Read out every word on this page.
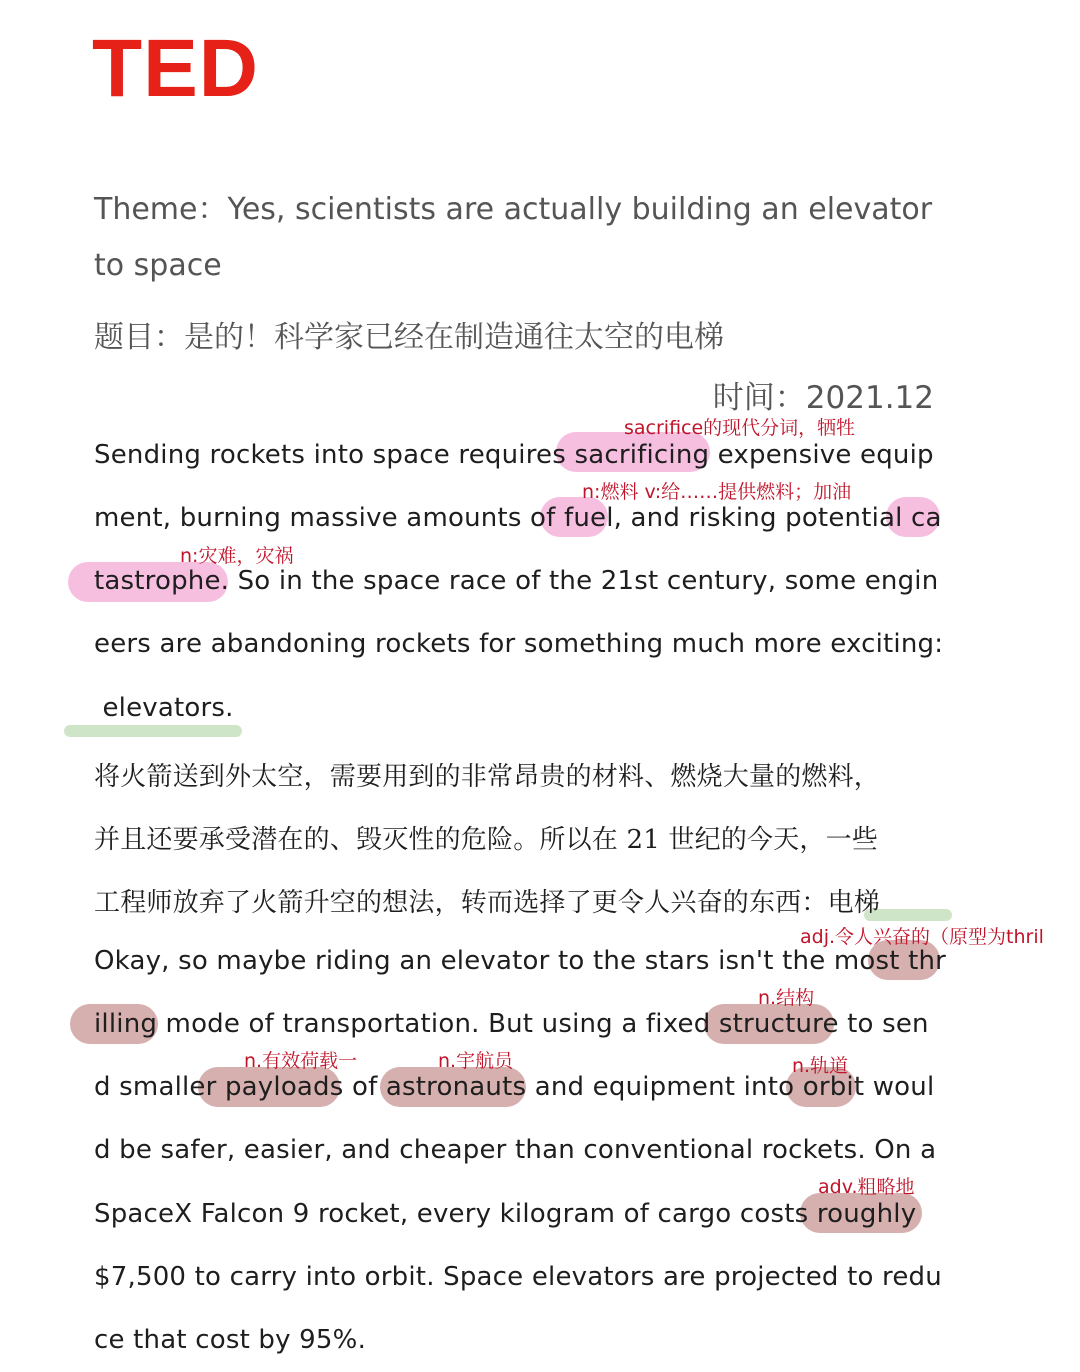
TED
Theme：Yes, scientists are actually building an elevator
to space
题目：是的！科学家已经在制造通往太空的电梯
时间：2021.12
sacrifice的现代分词，牺牲
n:燃料 v:给……提供燃料；加油
n:灾难，灾祸
adj.令人兴奋的（原型为thril
n.结构
n.有效荷载一	n.宇航员	n.轨道
adv.粗略地
Sending rockets into space requires sacrificing expensive equip
ment, burning massive amounts of fuel, and risking potential ca
tastrophe. So in the space race of the 21st century, some engin
eers are abandoning rockets for something much more exciting:
elevators.
将火箭送到外太空，需要用到的非常昂贵的材料、燃烧大量的燃料，
并且还要承受潜在的、毁灭性的危险。所以在 21 世纪的今天，一些
工程师放弃了火箭升空的想法，转而选择了更令人兴奋的东西：电梯
Okay, so maybe riding an elevator to the stars isn't the most thr
illing mode of transportation. But using a fixed structure to sen
d smaller payloads of astronauts and equipment into orbit woul
d be safer, easier, and cheaper than conventional rockets. On a
SpaceX Falcon 9 rocket, every kilogram of cargo costs roughly
$7,500 to carry into orbit. Space elevators are projected to redu
ce that cost by 95%.
